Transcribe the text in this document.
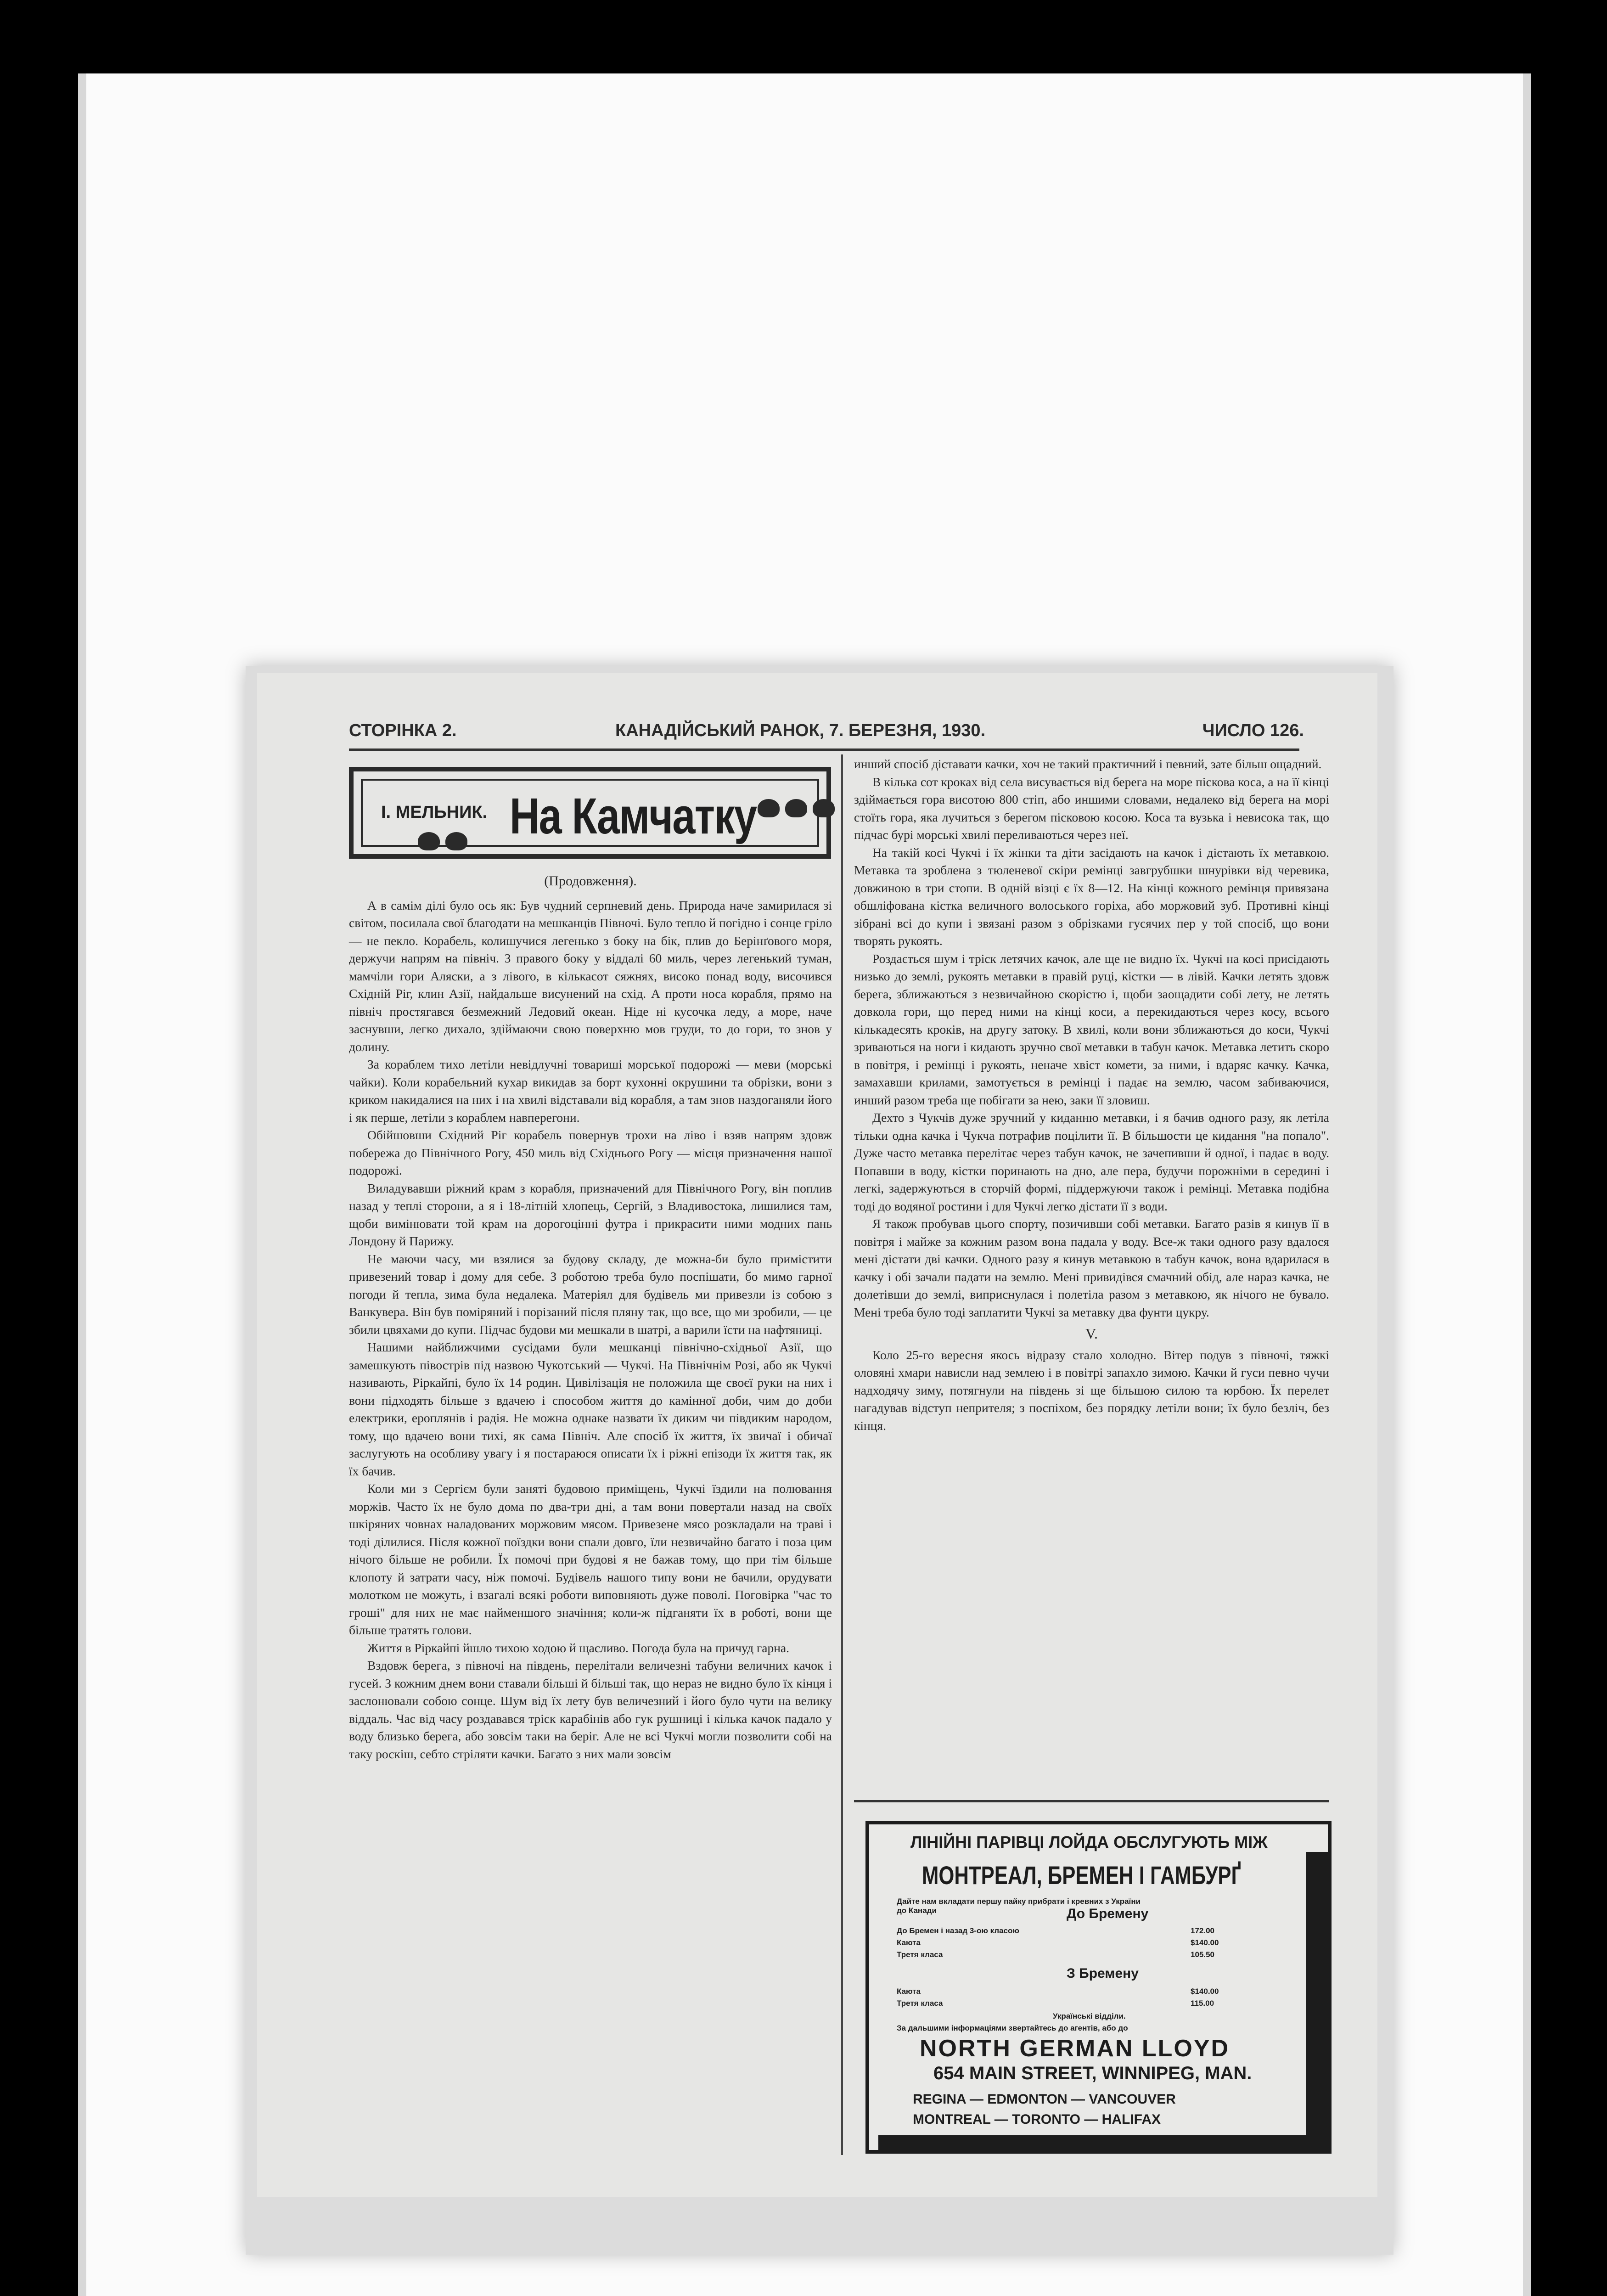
СТОРІНКА 2.	КАНАДІЙСЬКИЙ РАНОК, 7. БЕРЕЗНЯ, 1930.	ЧИСЛО 126.
І. МЕЛЬНИК. На Камчатку
(Продовження).

А в самім ділі було ось як: Був чудний серпневий день. Природа наче замирилася зі світом, посилала свої благодати на мешканців Півночі. Було тепло й погідно і сонце гріло — не пекло. Корабель, колишучися легенько з боку на бік, плив до Берінґового моря, держучи напрям на північ. З правого боку у віддалі 60 миль, через легенький туман, мамчіли гори Аляски, а з лівого, в кількасот сяжнях, високо понад воду, височився Східній Ріг, клин Азії, найдальше висунений на схід. А проти носа корабля, прямо на північ простягався безмежний Ледовий океан. Ніде ні кусочка леду, а море, наче заснувши, легко дихало, здіймаючи свою поверхню мов груди, то до гори, то знов у долину.

За кораблем тихо летіли невідлучні товариші морської подорожі — меви (морські чайки). Коли корабельний кухар викидав за борт кухонні окрушини та обрізки, вони з криком накидалися на них і на хвилі відставали від корабля, а там знов наздоганяли його і як перше, летіли з кораблем навперегони.

Обійшовши Східний Ріг корабель повернув трохи на ліво і взяв напрям здовж побережа до Північного Рогу, 450 миль від Східнього Рогу — місця призначення нашої подорожі.

Виладувавши ріжний крам з корабля, призначений для Північного Рогу, він поплив назад у теплі сторони, а я і 18-літній хлопець, Сергій, з Владивостока, лишилися там, щоби вимінювати той крам на дорогоцінні футра і прикрасити ними модних пань Лондону й Парижу.

Не маючи часу, ми взялися за будову складу, де можна-би було примістити привезений товар і дому для себе. З роботою треба було поспішати, бо мимо гарної погоди й тепла, зима була недалека. Матеріял для будівель ми привезли із собою з Ванкувера. Він був поміряний і порізаний після пляну так, що все, що ми зробили, — це збили цвяхами до купи. Підчас будови ми мешкали в шатрі, а варили їсти на нафтяниці.

Нашими найближчими сусідами були мешканці північно-східньої Азії, що замешкують півострів під назвою Чукотський — Чукчі. На Північнім Розі, або як Чукчі називають, Ріркайпі, було їх 14 родин. Цивілізація не положила ще своєї руки на них і вони підходять більше з вдачею і способом життя до камінної доби, чим до доби електрики, ероплянів і радія. Не можна однаке назвати їх диким чи півдиким народом, тому, що вдачею вони тихі, як сама Північ. Але спосіб їх життя, їх звичаї і обичаї заслугують на особливу увагу і я постараюся описати їх і ріжні епізоди їх життя так, як їх бачив.

Коли ми з Сергієм були заняті будовою приміщень, Чукчі їздили на полювання моржів. Часто їх не було дома по два-три дні, а там вони повертали назад на своїх шкіряних човнах наладованих моржовим мясом. Привезене мясо розкладали на траві і тоді ділилися. Після кожної поїздки вони спали довго, їли незвичайно багато і поза цим нічого більше не робили. Їх помочі при будові я не бажав тому, що при тім більше клопоту й затрати часу, ніж помочі. Будівель нашого типу вони не бачили, орудувати молотком не можуть, і взагалі всякі роботи виповняють дуже поволі. Поговірка "час то гроші" для них не має найменшого значіння; коли-ж підганяти їх в роботі, вони ще більше тратять голови.

Життя в Ріркайпі йшло тихою ходою й щасливо. Погода була на причуд гарна.

Вздовж берега, з півночі на південь, перелітали величезні табуни величних качок і гусей. З кожним днем вони ставали більші й більші так, що нераз не видно було їх кінця і заслонювали собою сонце. Шум від їх лету був величезний і його було чути на велику віддаль. Час від часу роздавався тріск карабінів або гук рушниці і кілька качок падало у воду близько берега, або зовсім таки на беріг. Але не всі Чукчі могли позволити собі на таку роскіш, себто стріляти качки. Багато з них мали зовсім

инший спосіб діставати качки, хоч не такий практичний і певний, зате більш ощадний.

В кілька сот кроках від села висувається від берега на море піскова коса, а на її кінці здіймається гора висотою 800 стіп, або иншими словами, недалеко від берега на морі стоїть гора, яка лучиться з берегом пісковою косою. Коса та вузька і невисока так, що підчас бурі морські хвилі переливаються через неї.

На такій косі Чукчі і їх жінки та діти засідають на качок і дістають їх метавкою. Метавка та зроблена з тюленевої скіри ремінці завгрубшки шнурівки від черевика, довжиною в три стопи. В одній візці є їх 8—12. На кінці кожного ремінця привязана обшліфована кістка величного волоського горіха, або моржовий зуб. Противні кінці зібрані всі до купи і звязані разом з обрізками гусячих пер у той спосіб, що вони творять рукоять.

Роздається шум і тріск летячих качок, але ще не видно їх. Чукчі на косі присідають низько до землі, рукоять метавки в правій руці, кістки — в лівій. Качки летять здовж берега, зближаються з незвичайною скорістю і, щоби заощадити собі лету, не летять довкола гори, що перед ними на кінці коси, а перекидаються через косу, всього кількадесять кроків, на другу затоку. В хвилі, коли вони зближаються до коси, Чукчі зриваються на ноги і кидають зручно свої метавки в табун качок. Метавка летить скоро в повітря, і ремінці і рукоять, неначе хвіст комети, за ними, і вдаряє качку. Качка, замахавши крилами, замотується в ремінці і падає на землю, часом забиваючися, инший разом треба ще побігати за нею, заки її зловиш.

Дехто з Чукчів дуже зручний у киданню метавки, і я бачив одного разу, як летіла тільки одна качка і Чукча потрафив поцілити її. В більшости це кидання "на попало". Дуже часто метавка перелітає через табун качок, не зачепивши й одної, і падає в воду. Попавши в воду, кістки поринають на дно, але пера, будучи порожніми в середині і легкі, задержуються в сторчій формі, піддержуючи також і ремінці. Метавка подібна тоді до водяної ростини і для Чукчі легко дістати її з води.

Я також пробував цього спорту, позичивши собі метавки. Багато разів я кинув її в повітря і майже за кожним разом вона падала у воду. Все-ж таки одного разу вдалося мені дістати дві качки. Одного разу я кинув метавкою в табун качок, вона вдарилася в качку і обі зачали падати на землю. Мені привидівся смачний обід, але нараз качка, не долетівши до землі, виприснулася і полетіла разом з метавкою, як нічого не бувало. Мені треба було тоді заплатити Чукчі за метавку два фунти цукру.

V.

Коло 25-го вересня якось відразу стало холодно. Вітер подув з півночі, тяжкі оловяні хмари нависли над землею і в повітрі запахло зимою. Качки й гуси певно чучи надходячу зиму, потягнули на південь зі ще більшою силою та юрбою. Їх перелет нагадував відступ непрителя; з поспіхом, без порядку летіли вони; їх було безліч, без кінця.

ЛІНІЙНІ ПАРІВЦІ ЛОЙДА ОБСЛУГУЮТЬ МІЖ
МОНТРЕАЛ, БРЕМЕН І ГАМБУРҐ
Дайте нам вкладати першу пайку прибрати і кревних з України до Канади	До Бремену
До Бремен і назад 3-ою класою	172.00
Каюта	$140.00
Третя класа	105.50
З Бремену
Каюта	$140.00
Третя класа	115.00
Українські відділи.
За дальшими інформаціями звертайтесь до агентів, або до
NORTH GERMAN LLOYD
654 MAIN STREET, WINNIPEG, MAN.
REGINA — EDMONTON — VANCOUVER
MONTREAL — TORONTO — HALIFAX
